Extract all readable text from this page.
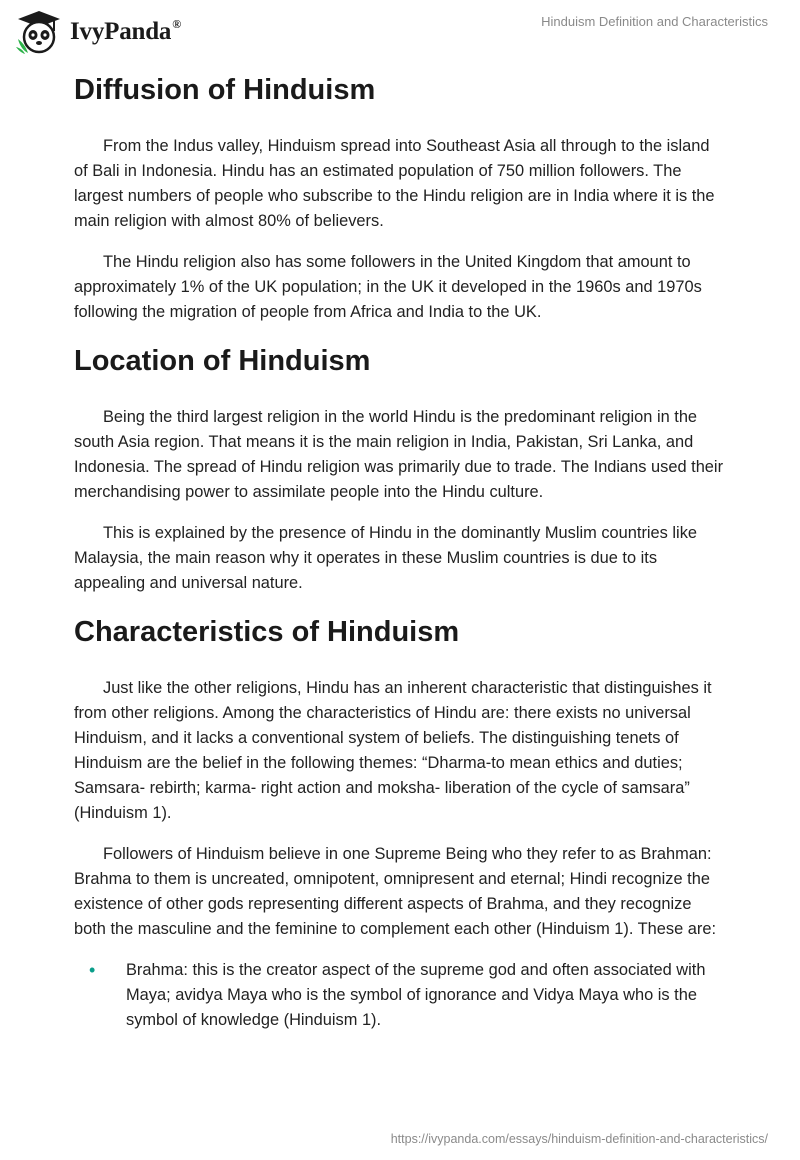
IvyPanda®	Hinduism Definition and Characteristics
Diffusion of Hinduism

From the Indus valley, Hinduism spread into Southeast Asia all through to the island of Bali in Indonesia. Hindu has an estimated population of 750 million followers. The largest numbers of people who subscribe to the Hindu religion are in India where it is the main religion with almost 80% of believers.

The Hindu religion also has some followers in the United Kingdom that amount to approximately 1% of the UK population; in the UK it developed in the 1960s and 1970s following the migration of people from Africa and India to the UK.

Location of Hinduism

Being the third largest religion in the world Hindu is the predominant religion in the south Asia region. That means it is the main religion in India, Pakistan, Sri Lanka, and Indonesia. The spread of Hindu religion was primarily due to trade. The Indians used their merchandising power to assimilate people into the Hindu culture.

This is explained by the presence of Hindu in the dominantly Muslim countries like Malaysia, the main reason why it operates in these Muslim countries is due to its appealing and universal nature.

Characteristics of Hinduism

Just like the other religions, Hindu has an inherent characteristic that distinguishes it from other religions. Among the characteristics of Hindu are: there exists no universal Hinduism, and it lacks a conventional system of beliefs. The distinguishing tenets of Hinduism are the belief in the following themes: “Dharma-to mean ethics and duties; Samsara- rebirth; karma- right action and moksha- liberation of the cycle of samsara” (Hinduism 1).

Followers of Hinduism believe in one Supreme Being who they refer to as Brahman: Brahma to them is uncreated, omnipotent, omnipresent and eternal; Hindi recognize the existence of other gods representing different aspects of Brahma, and they recognize both the masculine and the feminine to complement each other (Hinduism 1). These are:

• Brahma: this is the creator aspect of the supreme god and often associated with Maya; avidya Maya who is the symbol of ignorance and Vidya Maya who is the symbol of knowledge (Hinduism 1).
https://ivypanda.com/essays/hinduism-definition-and-characteristics/
